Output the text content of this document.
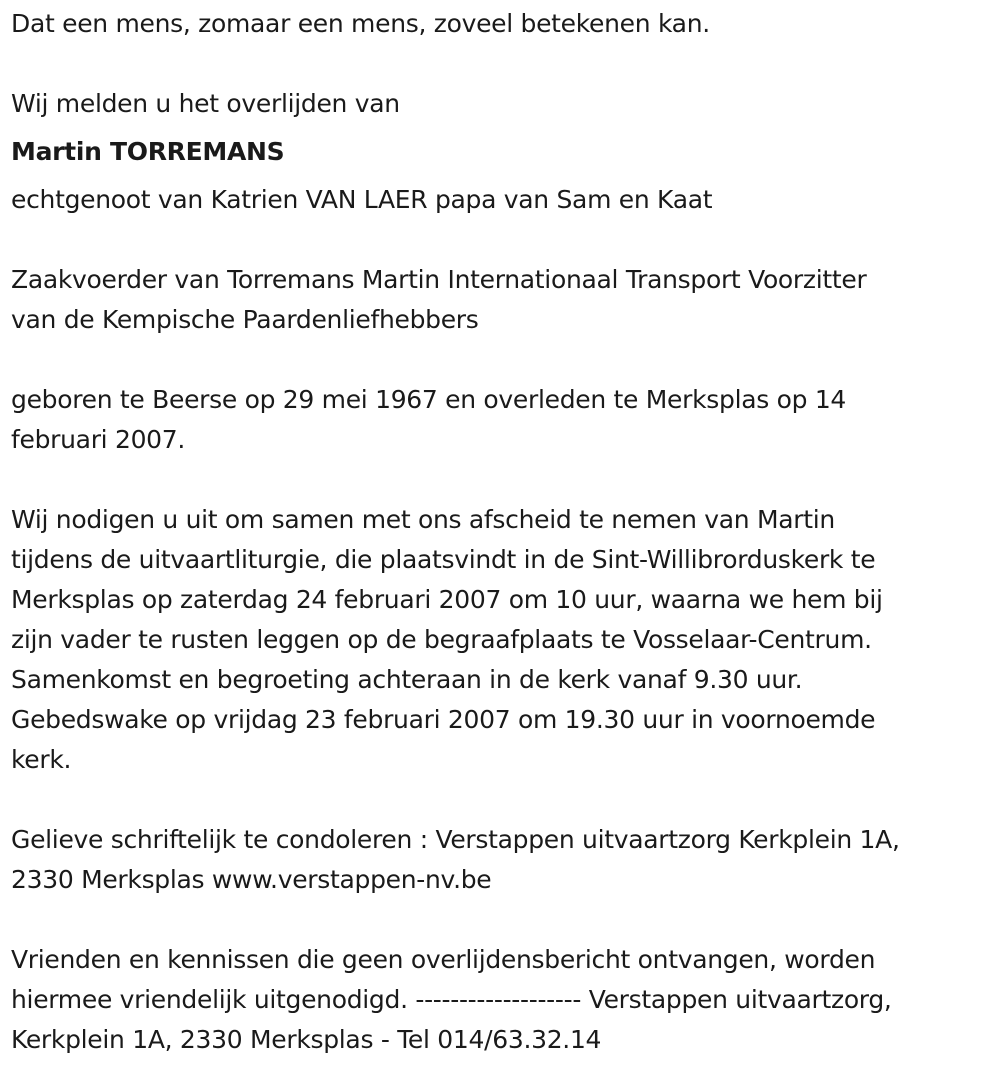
Dat een mens, zomaar een mens, zoveel betekenen kan.

Wij melden u het overlijden van

Martin TORREMANS

echtgenoot van Katrien VAN LAER papa van Sam en Kaat

Zaakvoerder van Torremans Martin Internationaal Transport Voorzitter

van de Kempische Paardenliefhebbers

geboren te Beerse op 29 mei 1967 en overleden te Merksplas op 14

februari 2007.

Wij nodigen u uit om samen met ons afscheid te nemen van Martin

tijdens de uitvaartliturgie, die plaatsvindt in de Sint-Willibrorduskerk te

Merksplas op zaterdag 24 februari 2007 om 10 uur, waarna we hem bij

zijn vader te rusten leggen op de begraafplaats te Vosselaar-Centrum.

Samenkomst en begroeting achteraan in de kerk vanaf 9.30 uur.

Gebedswake op vrijdag 23 februari 2007 om 19.30 uur in voornoemde

kerk.

Gelieve schriftelijk te condoleren : Verstappen uitvaartzorg Kerkplein 1A,

2330 Merksplas www.verstappen-nv.be

Vrienden en kennissen die geen overlijdensbericht ontvangen, worden

hiermee vriendelijk uitgenodigd. ------------------- Verstappen uitvaartzorg,

Kerkplein 1A, 2330 Merksplas - Tel 014/63.32.14
